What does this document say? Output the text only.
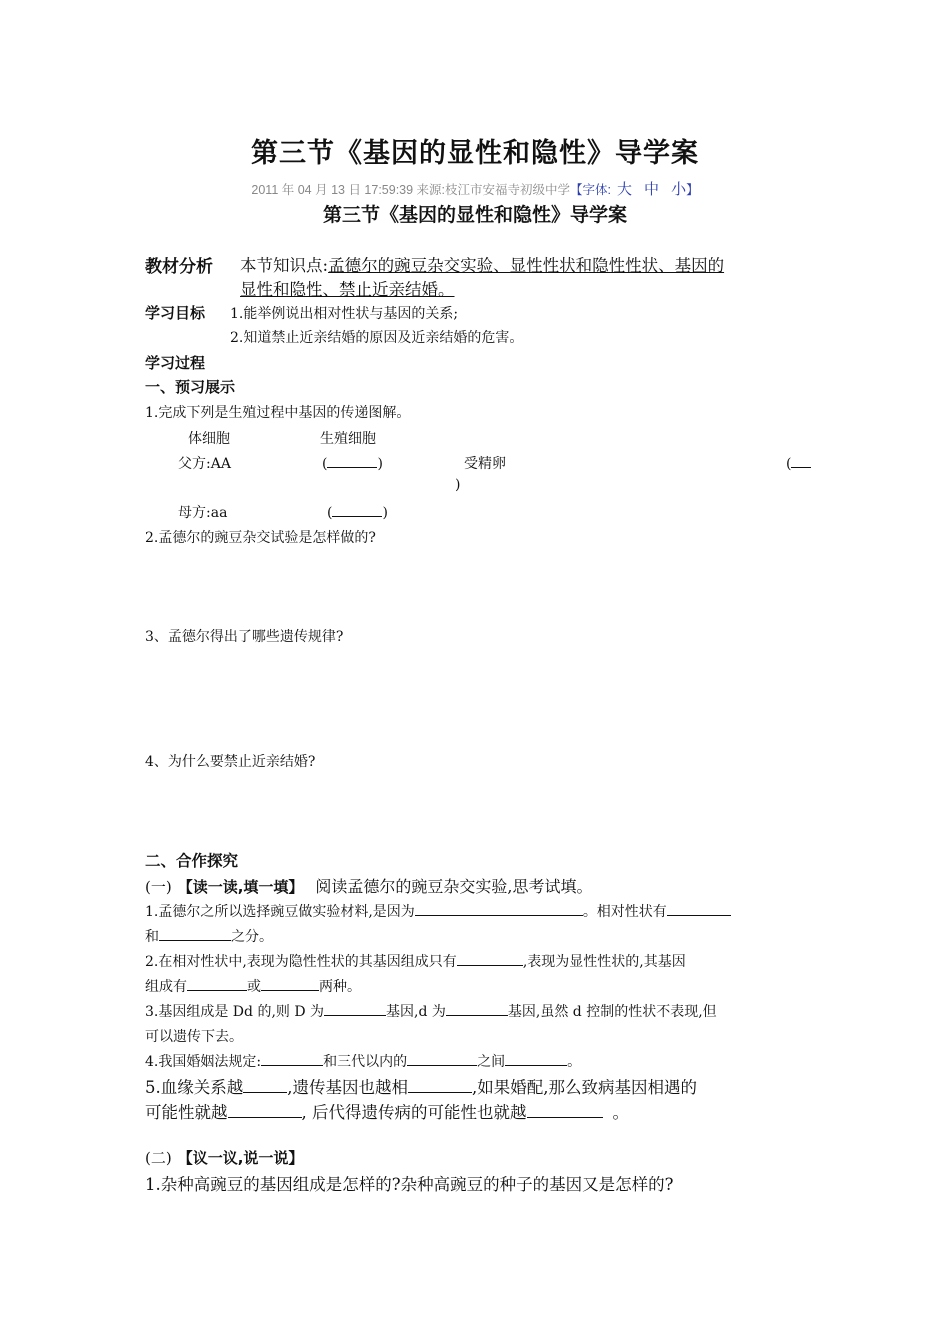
第三节《基因的显性和隐性》导学案
2011 年 04 月 13 日 17:59:39 来源:枝江市安福寺初级中学【字体: 大 中 小】
第三节《基因的显性和隐性》导学案
教材分析 本节知识点:孟德尔的豌豆杂交实验、显性性状和隐性性状、基因的
显性和隐性、禁止近亲结婚。
学习目标 1.能举例说出相对性状与基因的关系;
2.知道禁止近亲结婚的原因及近亲结婚的危害。
学习过程
一、预习展示
1.完成下列是生殖过程中基因的传递图解。
体细胞	生殖细胞
父方:AA	(	)	受精卵	(
)
母方:aa	(	)
2.孟德尔的豌豆杂交试验是怎样做的?
3、孟德尔得出了哪些遗传规律?
4、为什么要禁止近亲结婚?
二、合作探究
(一) 【读一读,填一填】 阅读孟德尔的豌豆杂交实验,思考试填。
1.孟德尔之所以选择豌豆做实验材料,是因为	。相对性状有
和	之分。
2.在相对性状中,表现为隐性性状的其基因组成只有	,表现为显性性状的,其基因
组成有	或	两种。
3.基因组成是 Dd 的,则 D 为	基因,d 为	基因,虽然 d 控制的性状不表现,但
可以遗传下去。
4.我国婚姻法规定:	和三代以内的	之间	。
5.血缘关系越	,遗传基因也越相	,如果婚配,那么致病基因相遇的
可能性就越	, 后代得遗传病的可能性也就越	。
(二) 【议一议,说一说】
1.杂种高豌豆的基因组成是怎样的?杂种高豌豆的种子的基因又是怎样的?
